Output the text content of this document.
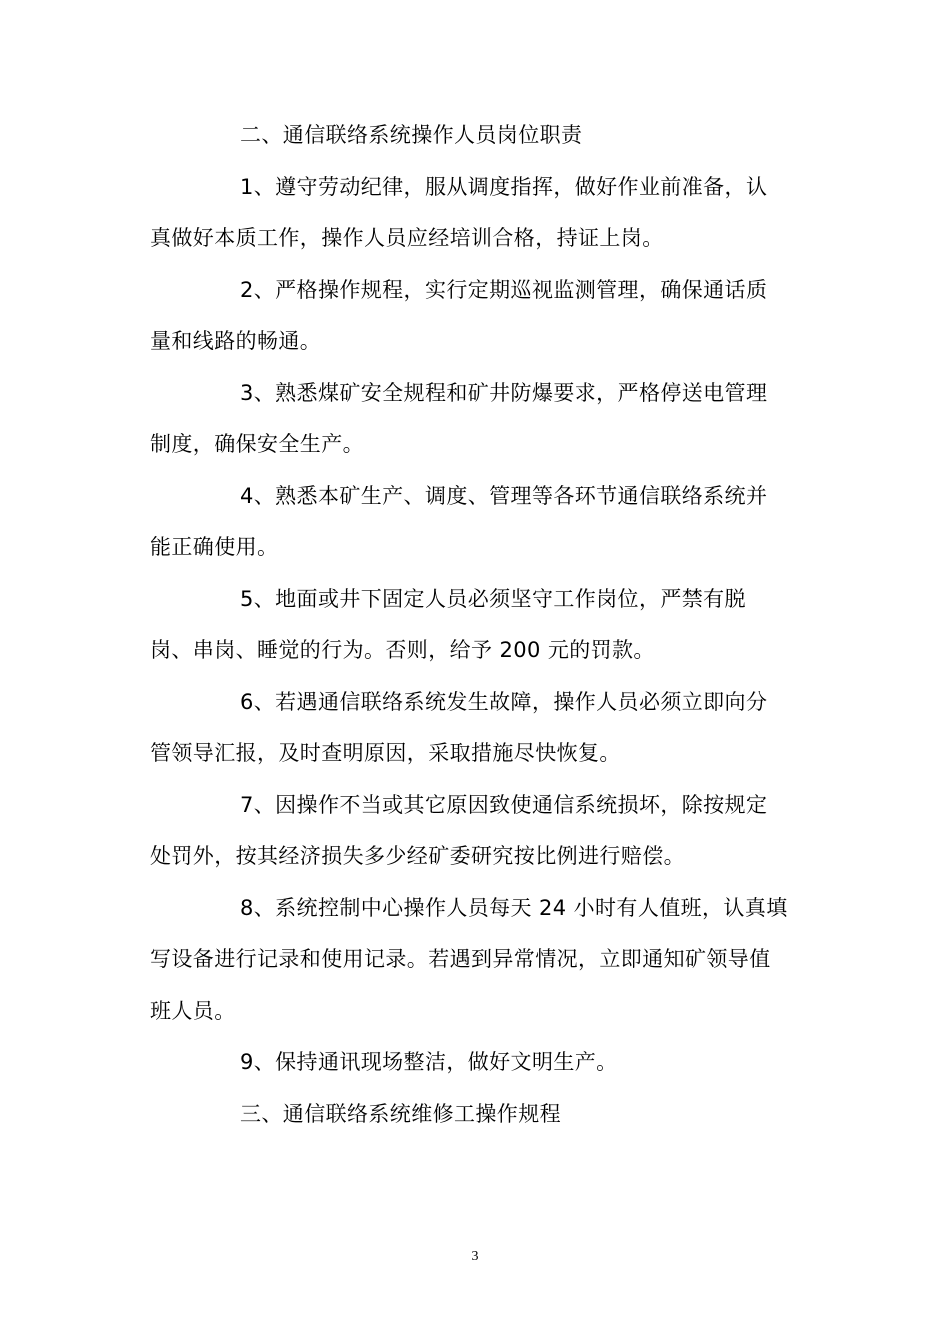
二、通信联络系统操作人员岗位职责
1、遵守劳动纪律，服从调度指挥，做好作业前准备，认
真做好本质工作，操作人员应经培训合格，持证上岗。
2、严格操作规程，实行定期巡视监测管理，确保通话质
量和线路的畅通。
3、熟悉煤矿安全规程和矿井防爆要求，严格停送电管理
制度，确保安全生产。
4、熟悉本矿生产、调度、管理等各环节通信联络系统并
能正确使用。
5、地面或井下固定人员必须坚守工作岗位，严禁有脱
岗、串岗、睡觉的行为。否则，给予 200 元的罚款。
6、若遇通信联络系统发生故障，操作人员必须立即向分
管领导汇报，及时查明原因，采取措施尽快恢复。
7、因操作不当或其它原因致使通信系统损坏，除按规定
处罚外，按其经济损失多少经矿委研究按比例进行赔偿。
8、系统控制中心操作人员每天 24 小时有人值班，认真填
写设备进行记录和使用记录。若遇到异常情况，立即通知矿领导值
班人员。
9、保持通讯现场整洁，做好文明生产。
三、通信联络系统维修工操作规程
3
